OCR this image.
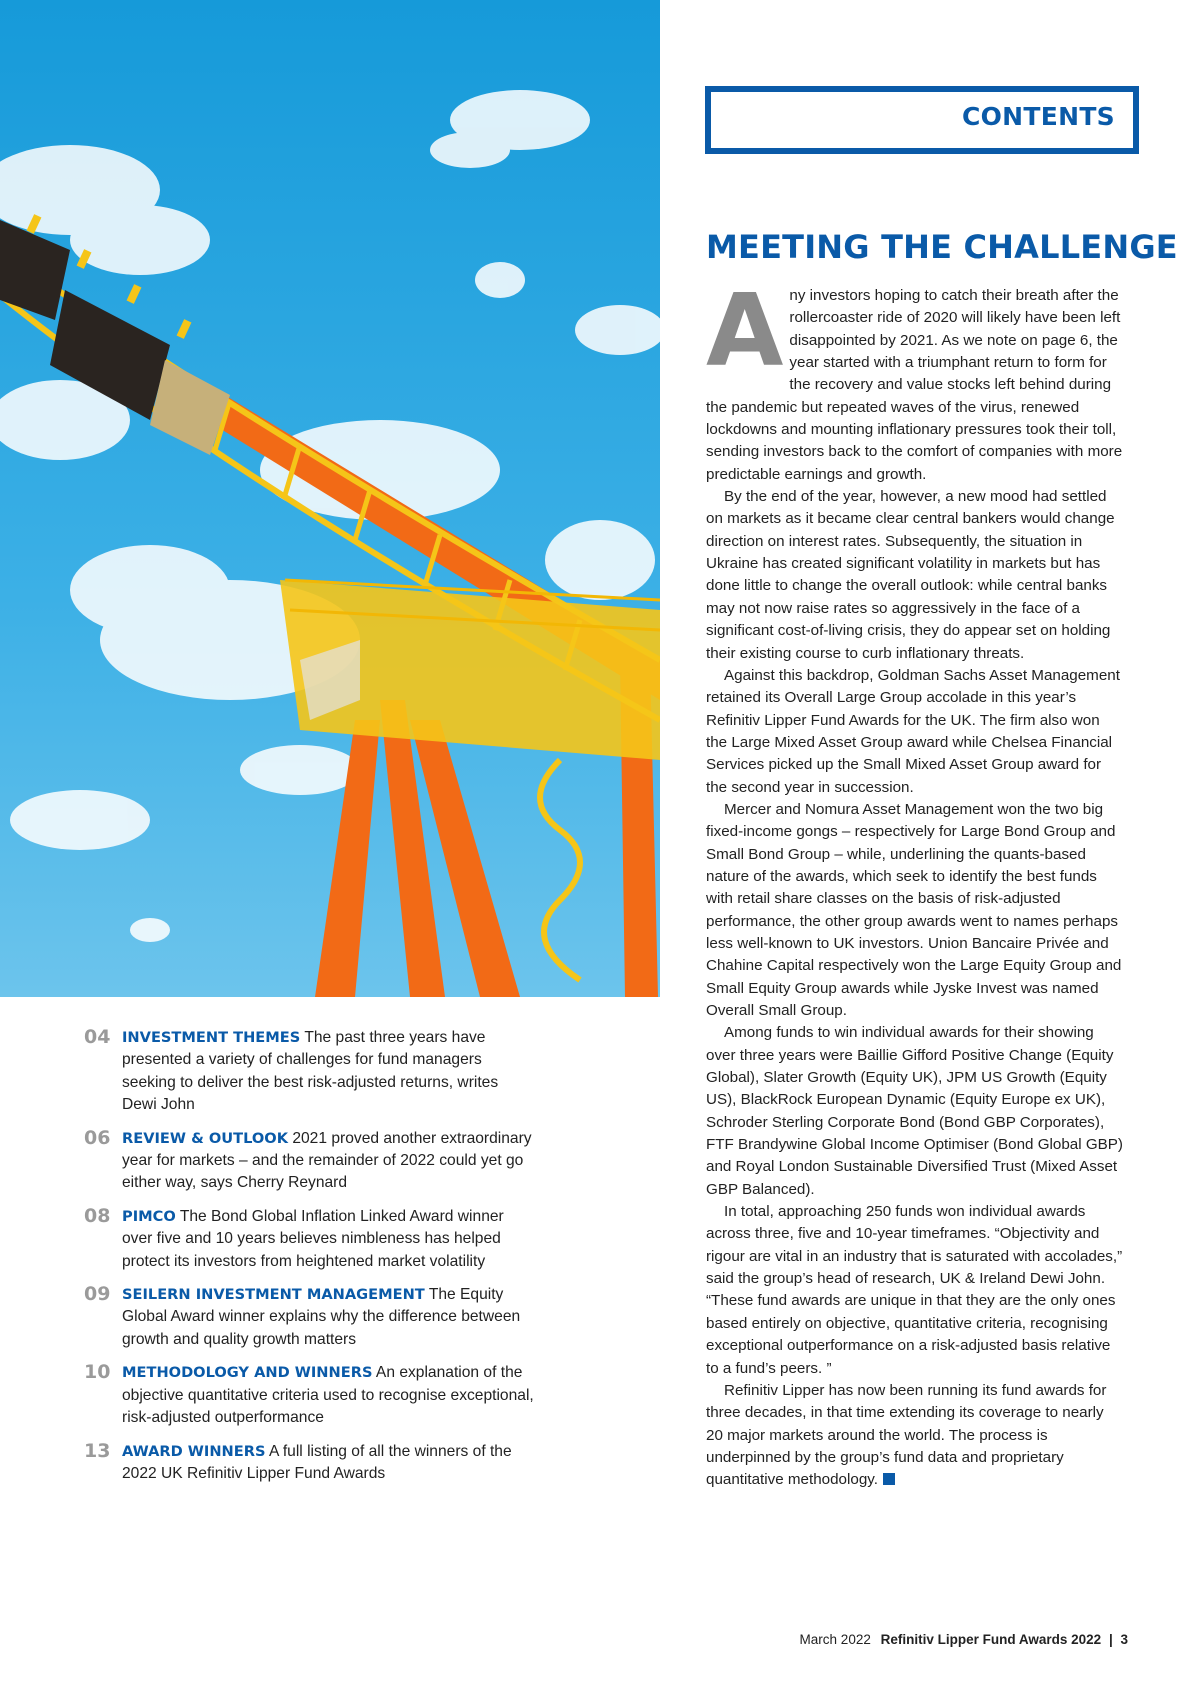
CONTENTS
MEETING THE CHALLENGE

Any investors hoping to catch their breath after the rollercoaster ride of 2020 will likely have been left disappointed by 2021. As we note on page 6, the year started with a triumphant return to form for the recovery and value stocks left behind during the pandemic but repeated waves of the virus, renewed lockdowns and mounting inflationary pressures took their toll, sending investors back to the comfort of companies with more predictable earnings and growth.

By the end of the year, however, a new mood had settled on markets as it became clear central bankers would change direction on interest rates. Subsequently, the situation in Ukraine has created significant volatility in markets but has done little to change the overall outlook: while central banks may not now raise rates so aggressively in the face of a significant cost-of-living crisis, they do appear set on holding their existing course to curb inflationary threats.

Against this backdrop, Goldman Sachs Asset Management retained its Overall Large Group accolade in this year’s Refinitiv Lipper Fund Awards for the UK. The firm also won the Large Mixed Asset Group award while Chelsea Financial Services picked up the Small Mixed Asset Group award for the second year in succession.

Mercer and Nomura Asset Management won the two big fixed-income gongs – respectively for Large Bond Group and Small Bond Group – while, underlining the quants-based nature of the awards, which seek to identify the best funds with retail share classes on the basis of risk-adjusted performance, the other group awards went to names perhaps less well-known to UK investors. Union Bancaire Privée and Chahine Capital respectively won the Large Equity Group and Small Equity Group awards while Jyske Invest was named Overall Small Group.

Among funds to win individual awards for their showing over three years were Baillie Gifford Positive Change (Equity Global), Slater Growth (Equity UK), JPM US Growth (Equity US), BlackRock European Dynamic (Equity Europe ex UK), Schroder Sterling Corporate Bond (Bond GBP Corporates), FTF Brandywine Global Income Optimiser (Bond Global GBP) and Royal London Sustainable Diversified Trust (Mixed Asset GBP Balanced).

In total, approaching 250 funds won individual awards across three, five and 10-year timeframes. “Objectivity and rigour are vital in an industry that is saturated with accolades,” said the group’s head of research, UK & Ireland Dewi John. “These fund awards are unique in that they are the only ones based entirely on objective, quantitative criteria, recognising exceptional outperformance on a risk-adjusted basis relative to a fund’s peers. ”

Refinitiv Lipper has now been running its fund awards for three decades, in that time extending its coverage to nearly 20 major markets around the world. The process is underpinned by the group’s fund data and proprietary quantitative methodology.

04 INVESTMENT THEMES The past three years have presented a variety of challenges for fund managers seeking to deliver the best risk-adjusted returns, writes Dewi John
06 REVIEW & OUTLOOK 2021 proved another extraordinary year for markets – and the remainder of 2022 could yet go either way, says Cherry Reynard
08 PIMCO The Bond Global Inflation Linked Award winner over five and 10 years believes nimbleness has helped protect its investors from heightened market volatility
09 SEILERN INVESTMENT MANAGEMENT The Equity Global Award winner explains why the difference between growth and quality growth matters
10 METHODOLOGY AND WINNERS An explanation of the objective quantitative criteria used to recognise exceptional, risk-adjusted outperformance
13 AWARD WINNERS A full listing of all the winners of the 2022 UK Refinitiv Lipper Fund Awards
March 2022 Refinitiv Lipper Fund Awards 2022 | 3
